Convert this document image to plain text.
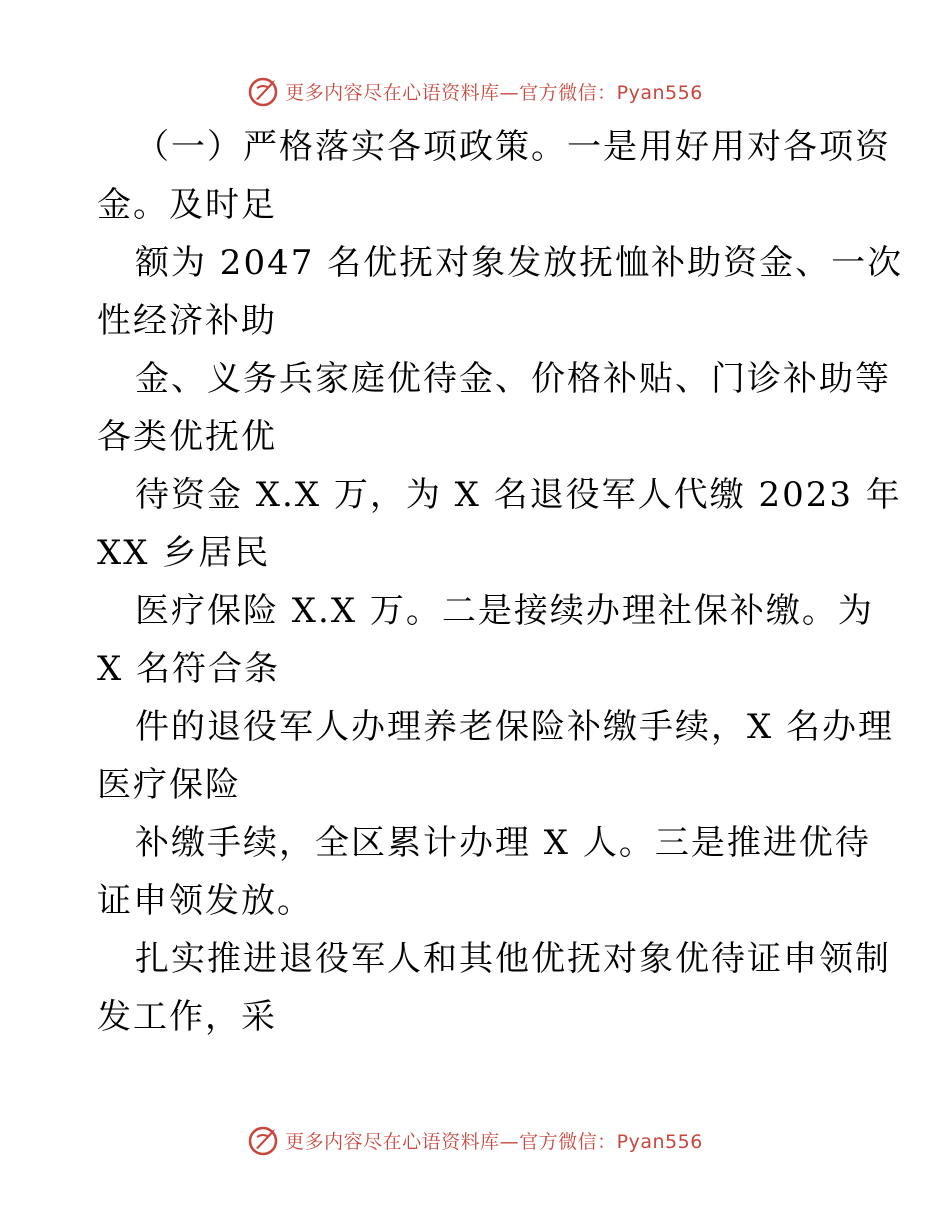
更多内容尽在心语资料库—官方微信：Pyan556
（一）严格落实各项政策。一是用好用对各项资
金。及时足
额为 2047 名优抚对象发放抚恤补助资金、一次
性经济补助
金、义务兵家庭优待金、价格补贴、门诊补助等
各类优抚优
待资金 X.X 万，为 X 名退役军人代缴 2023 年
XX 乡居民
医疗保险 X.X 万。二是接续办理社保补缴。为
X 名符合条
件的退役军人办理养老保险补缴手续，X 名办理
医疗保险
补缴手续，全区累计办理 X 人。三是推进优待
证申领发放。
扎实推进退役军人和其他优抚对象优待证申领制
发工作，采
更多内容尽在心语资料库—官方微信：Pyan556
